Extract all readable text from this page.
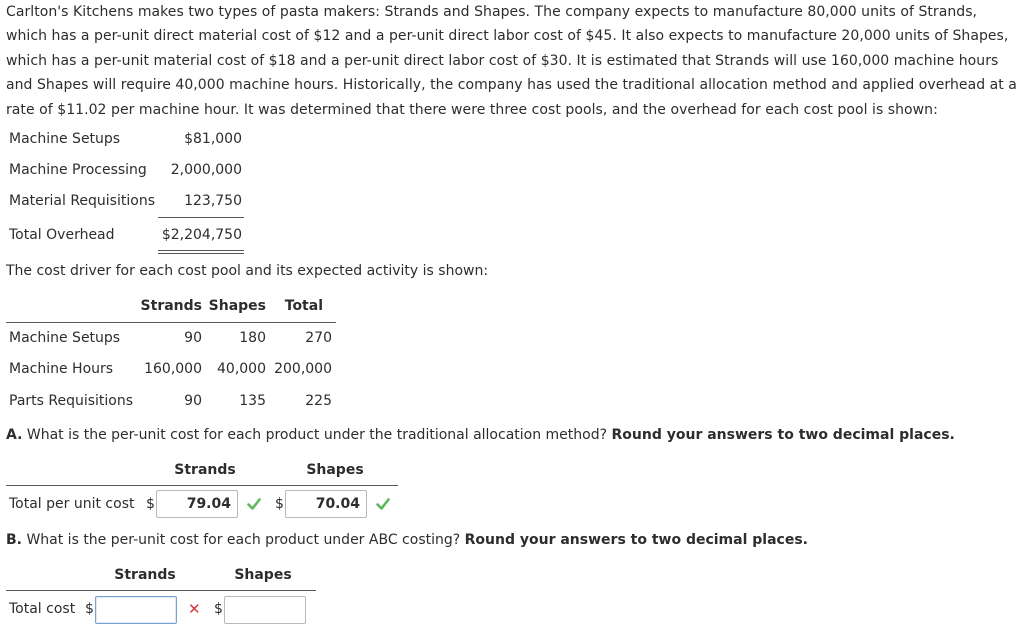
Carlton's Kitchens makes two types of pasta makers: Strands and Shapes. The company expects to manufacture 80,000 units of Strands, which has a per-unit direct material cost of $12 and a per-unit direct labor cost of $45. It also expects to manufacture 20,000 units of Shapes, which has a per-unit material cost of $18 and a per-unit direct labor cost of $30. It is estimated that Strands will use 160,000 machine hours and Shapes will require 40,000 machine hours. Historically, the company has used the traditional allocation method and applied overhead at a rate of $11.02 per machine hour. It was determined that there were three cost pools, and the overhead for each cost pool is shown:

Machine Setups	$81,000
Machine Processing	2,000,000
Material Requisitions	123,750
Total Overhead	$2,204,750
The cost driver for each cost pool and its expected activity is shown:
Strands Shapes	Total
Machine Setups	90	180	270
Machine Hours	160,000	40,000 200,000
Parts Requisitions	90	135	225
A. What is the per-unit cost for each product under the traditional allocation method? Round your answers to two decimal places.
Strands	Shapes
Total per unit cost $	79.04	$	70.04
B. What is the per-unit cost for each product under ABC costing? Round your answers to two decimal places.
Strands	Shapes
Total cost $	✕ $
